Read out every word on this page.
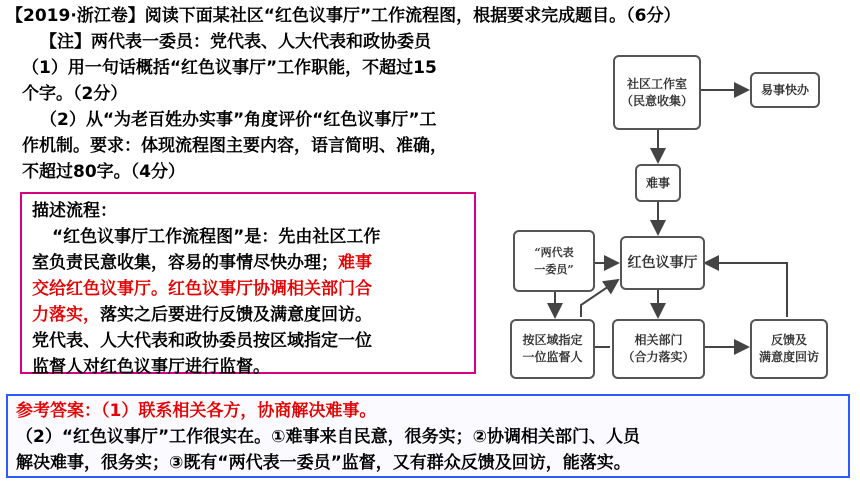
【2019·浙江卷】阅读下面某社区“红色议事厅”工作流程图，根据要求完成题目。（6分）
【注】两代表一委员：党代表、人大代表和政协委员
（1）用一句话概括“红色议事厅”工作职能，不超过15
个字。（2分）
（2）从“为老百姓办实事”角度评价“红色议事厅”工
作机制。要求：体现流程图主要内容，语言简明、准确，
不超过80字。（4分）
描述流程：
“红色议事厅工作流程图”是：先由社区工作
室负责民意收集，容易的事情尽快办理；难事
交给红色议事厅。红色议事厅协调相关部门合
力落实，落实之后要进行反馈及满意度回访。
党代表、人大代表和政协委员按区域指定一位
监督人对红色议事厅进行监督。
社区工作室
（民意收集）
易事快办
难事
“两代表
一委员”	红色议事厅
按区域指定
一位监督人
相关部门
（合力落实）
反馈及
满意度回访
参考答案：（1）联系相关各方，协商解决难事。
（2）“红色议事厅”工作很实在。①难事来自民意，很务实；②协调相关部门、人员
解决难事，很务实；③既有“两代表一委员”监督，又有群众反馈及回访，能落实。
